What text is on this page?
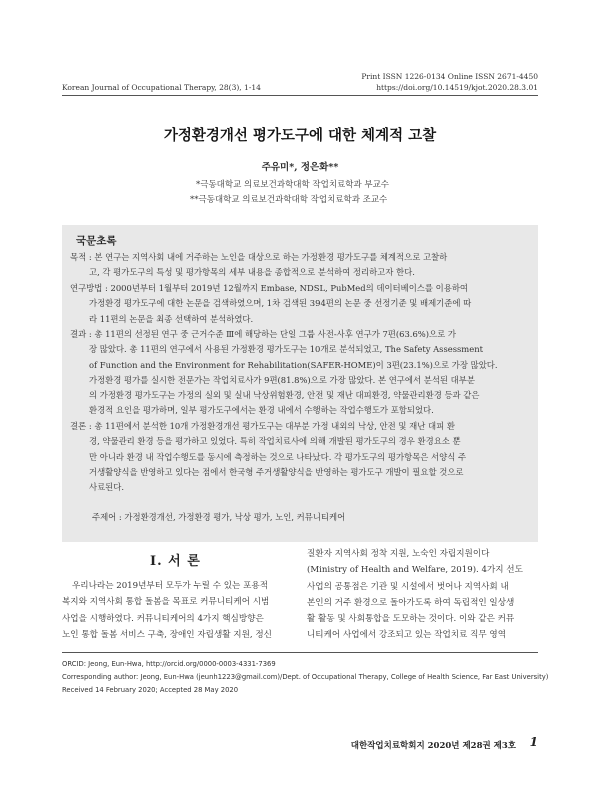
Print ISSN 1226-0134 Online ISSN 2671-4450
Korean Journal of Occupational Therapy, 28(3), 1-14	https://doi.org/10.14519/kjot.2020.28.3.01
가정환경개선 평가도구에 대한 체계적 고찰
주유미*, 정은화**
*극동대학교 의료보건과학대학 작업치료학과 부교수
**극동대학교 의료보건과학대학 작업치료학과 조교수
국문초록
목적 : 본 연구는 지역사회 내에 거주하는 노인을 대상으로 하는 가정환경 평가도구를 체계적으로 고찰하
고, 각 평가도구의 특성 및 평가항목의 세부 내용을 종합적으로 분석하여 정리하고자 한다.
연구방법 : 2000년부터 1월부터 2019년 12월까지 Embase, NDSL, PubMed의 데이터베이스를 이용하여
가정환경 평가도구에 대한 논문을 검색하였으며, 1차 검색된 394편의 논문 중 선정기준 및 배제기준에 따
라 11편의 논문을 최종 선택하여 분석하였다.
결과 : 총 11편의 선정된 연구 중 근거수준 Ⅲ에 해당하는 단일 그룹 사전-사후 연구가 7편(63.6%)으로 가
장 많았다. 총 11편의 연구에서 사용된 가정환경 평가도구는 10개로 분석되었고, The Safety Assessment
of Function and the Environment for Rehabilitation(SAFER-HOME)이 3편(23.1%)으로 가장 많았다.
가정환경 평가를 실시한 전문가는 작업치료사가 9편(81.8%)으로 가장 많았다. 본 연구에서 분석된 대부분
의 가정환경 평가도구는 가정의 실외 및 실내 낙상위험환경, 안전 및 재난 대피환경, 약물관리환경 등과 같은
환경적 요인을 평가하며, 일부 평가도구에서는 환경 내에서 수행하는 작업수행도가 포함되었다.
결론 : 총 11편에서 분석한 10개 가정환경개선 평가도구는 대부분 가정 내외의 낙상, 안전 및 재난 대피 환
경, 약물관리 환경 등을 평가하고 있었다. 특히 작업치료사에 의해 개발된 평가도구의 경우 환경요소 뿐
만 아니라 환경 내 작업수행도를 동시에 측정하는 것으로 나타났다. 각 평가도구의 평가항목은 서양식 주
거생활양식을 반영하고 있다는 점에서 한국형 주거생활양식을 반영하는 평가도구 개발이 필요할 것으로
사료된다.
주제어 : 가정환경개선, 가정환경 평가, 낙상 평가, 노인, 커뮤니티케어
Ⅰ. 서 론
우리나라는 2019년부터 모두가 누릴 수 있는 포용적
복지와 지역사회 통합 돌봄을 목표로 커뮤니티케어 시범
사업을 시행하였다. 커뮤니티케어의 4가지 핵심방향은
노인 통합 돌봄 서비스 구축, 장애인 자립생활 지원, 정신
질환자 지역사회 정착 지원, 노숙인 자립지원이다
(Ministry of Health and Welfare, 2019). 4가지 선도
사업의 공통점은 기관 및 시설에서 벗어나 지역사회 내
본인의 거주 환경으로 돌아가도록 하여 독립적인 일상생
활 활동 및 사회통합을 도모하는 것이다. 이와 같은 커뮤
니티케어 사업에서 강조되고 있는 작업치료 직무 영역
ORCID: Jeong, Eun-Hwa, http://orcid.org/0000-0003-4331-7369
Corresponding author: Jeong, Eun-Hwa (jeunh1223@gmail.com)/Dept. of Occupational Therapy, College of Health Science, Far East University)
Received 14 February 2020; Accepted 28 May 2020
대한작업치료학회지 2020년 제28권 제3호 1
